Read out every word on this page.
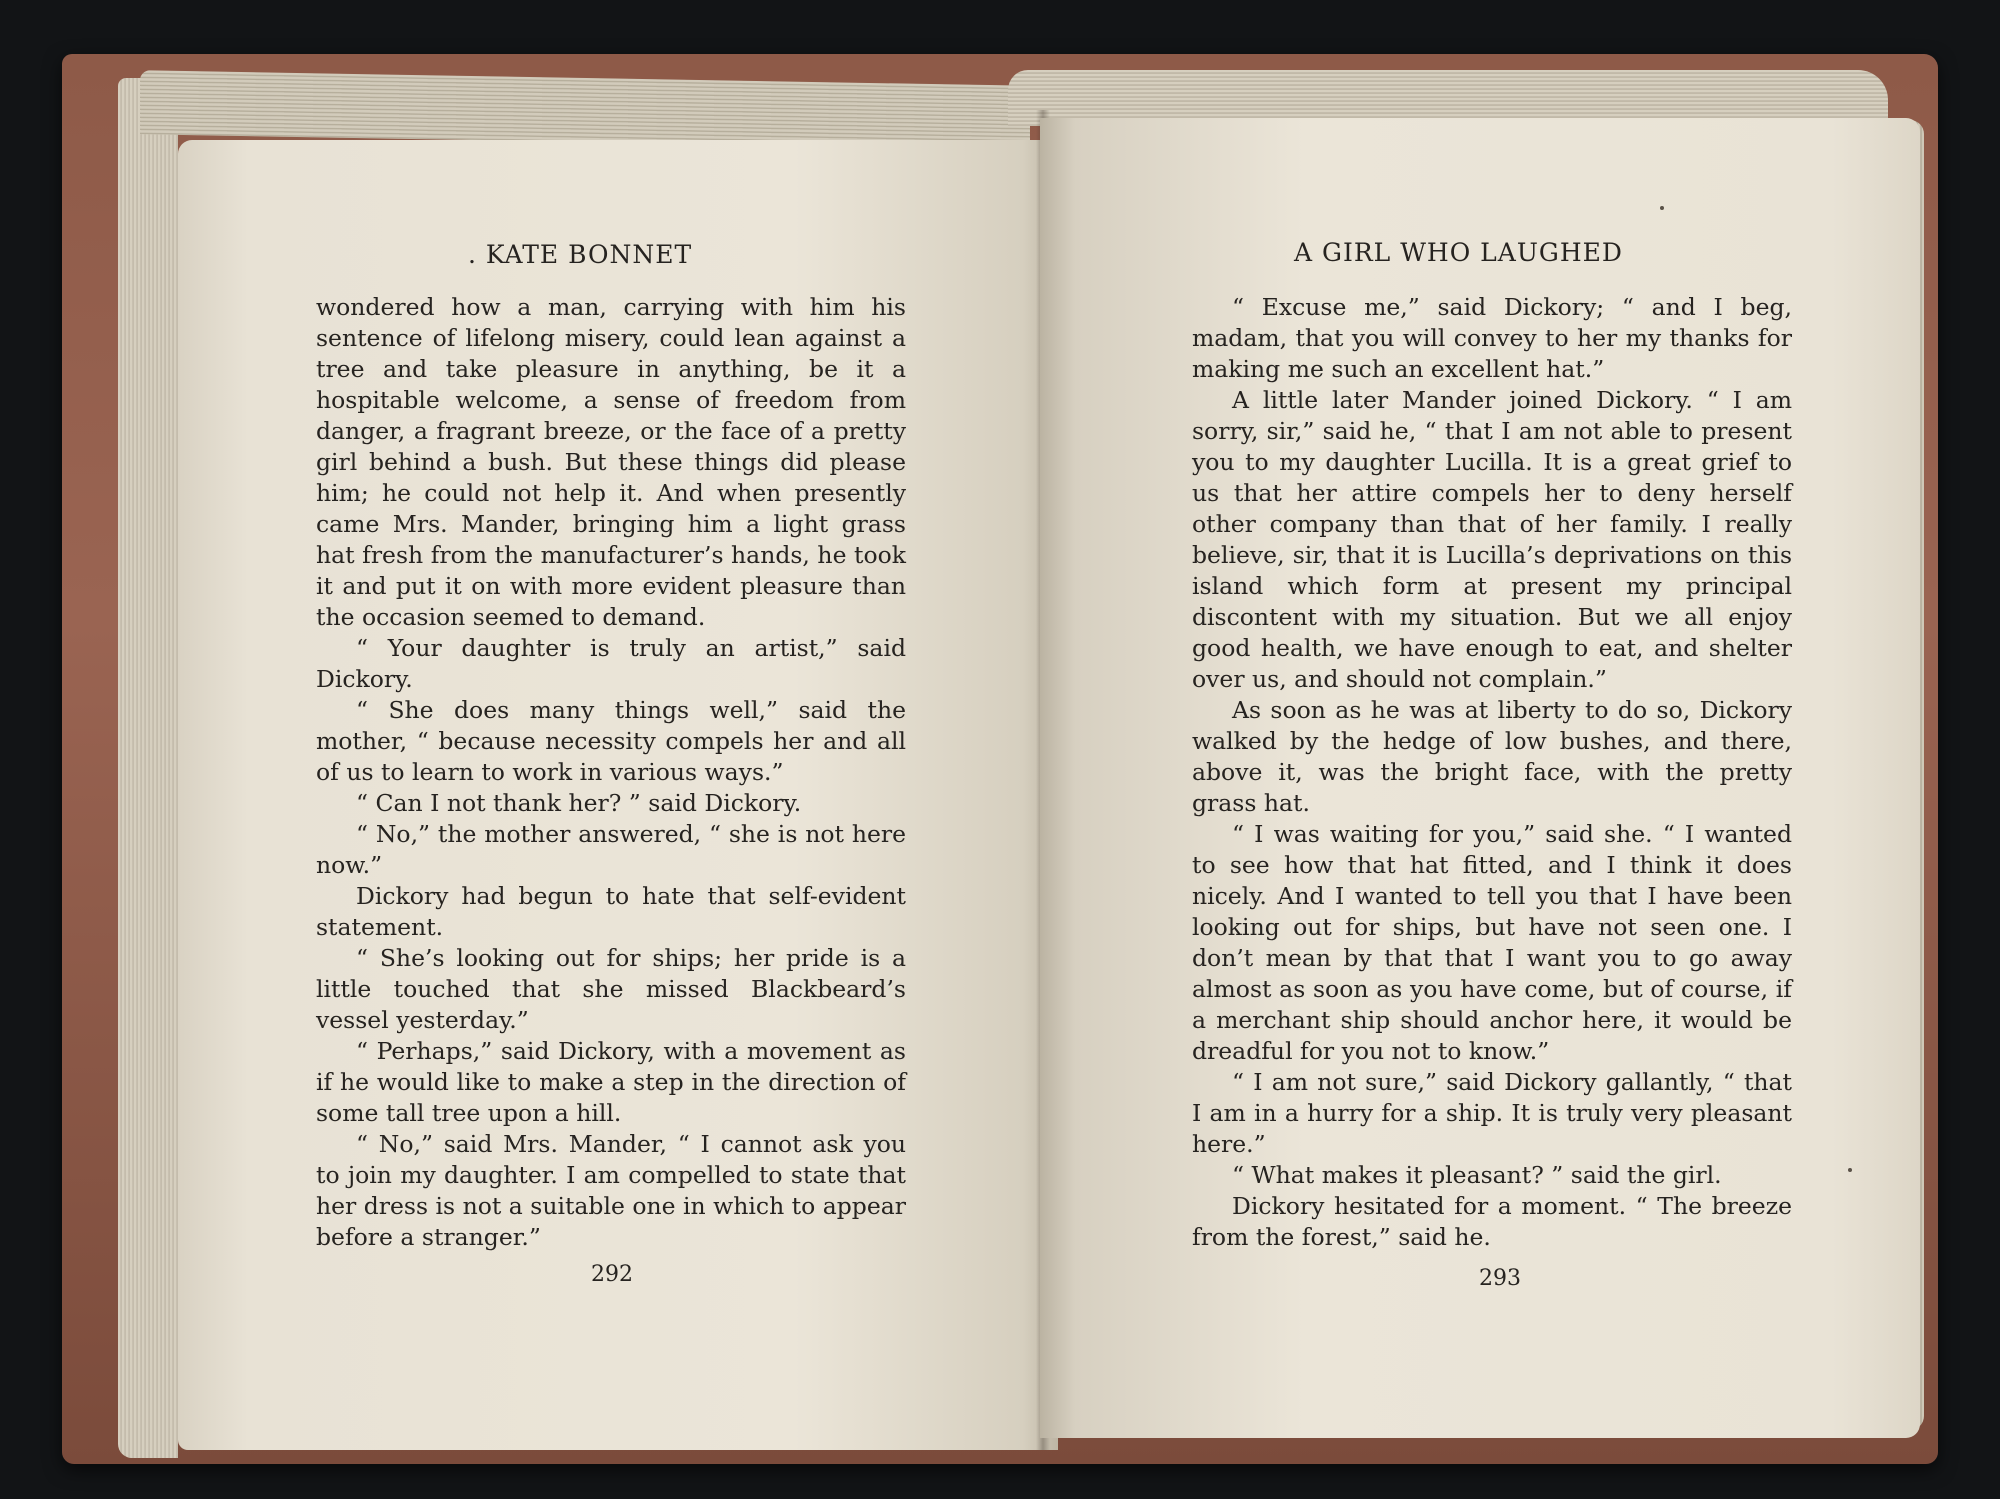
. KATE BONNET

wondered how a man, carrying with him his sentence of lifelong misery, could lean against a tree and take pleasure in anything, be it a hospitable welcome, a sense of freedom from danger, a fragrant breeze, or the face of a pretty girl behind a bush. But these things did please him; he could not help it. And when presently came Mrs. Mander, bringing him a light grass hat fresh from the manufacturer’s hands, he took it and put it on with more evident pleasure than the occasion seemed to demand.

“ Your daughter is truly an artist,” said Dickory.

“ She does many things well,” said the mother, “ because necessity compels her and all of us to learn to work in various ways.”

“ Can I not thank her? ” said Dickory.

“ No,” the mother answered, “ she is not here now.”

Dickory had begun to hate that self-evident statement.

“ She’s looking out for ships; her pride is a little touched that she missed Blackbeard’s vessel yesterday.”

“ Perhaps,” said Dickory, with a movement as if he would like to make a step in the direction of some tall tree upon a hill.

“ No,” said Mrs. Mander, “ I cannot ask you to join my daughter. I am compelled to state that her dress is not a suitable one in which to appear before a stranger.”

292
A GIRL WHO LAUGHED

“ Excuse me,” said Dickory; “ and I beg, madam, that you will convey to her my thanks for making me such an excellent hat.”

A little later Mander joined Dickory. “ I am sorry, sir,” said he, “ that I am not able to present you to my daughter Lucilla. It is a great grief to us that her attire compels her to deny herself other company than that of her family. I really believe, sir, that it is Lucilla’s deprivations on this island which form at present my principal discontent with my situation. But we all enjoy good health, we have enough to eat, and shelter over us, and should not complain.”

As soon as he was at liberty to do so, Dickory walked by the hedge of low bushes, and there, above it, was the bright face, with the pretty grass hat.

“ I was waiting for you,” said she. “ I wanted to see how that hat fitted, and I think it does nicely. And I wanted to tell you that I have been looking out for ships, but have not seen one. I don’t mean by that that I want you to go away almost as soon as you have come, but of course, if a merchant ship should anchor here, it would be dreadful for you not to know.”

“ I am not sure,” said Dickory gallantly, “ that I am in a hurry for a ship. It is truly very pleasant here.”

“ What makes it pleasant? ” said the girl.

Dickory hesitated for a moment. “ The breeze from the forest,” said he.

293
